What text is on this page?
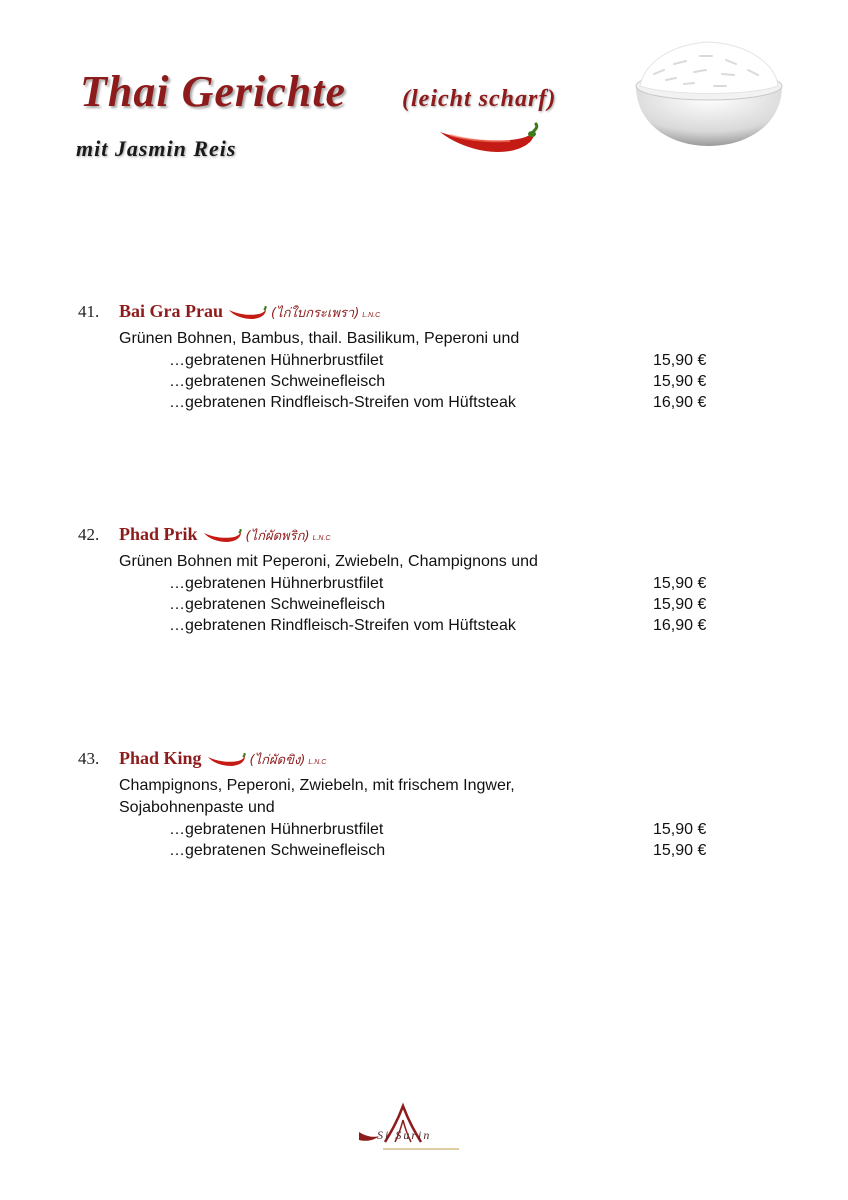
Thai Gerichte (leicht scharf)
mit Jasmin Reis
41. Bai Gra Prau	(ไก่ใบกระเพรา) L.N.C
Grünen Bohnen, Bambus, thail. Basilikum, Peperoni und
…gebratenen Hühnerbrustfilet	15,90 €
…gebratenen Schweinefleisch	15,90 €
…gebratenen Rindfleisch-Streifen vom Hüftsteak	16,90 €
42. Phad Prik	(ไก่ผัดพริก) L.N.C
Grünen Bohnen mit Peperoni, Zwiebeln, Champignons und
…gebratenen Hühnerbrustfilet	15,90 €
…gebratenen Schweinefleisch	15,90 €
…gebratenen Rindfleisch-Streifen vom Hüftsteak	16,90 €
43. Phad King	(ไก่ผัดขิง) L.N.C
Champignons, Peperoni, Zwiebeln, mit frischem Ingwer,
Sojabohnenpaste und
…gebratenen Hühnerbrustfilet	15,90 €
…gebratenen Schweinefleisch	15,90 €
Si Surin
